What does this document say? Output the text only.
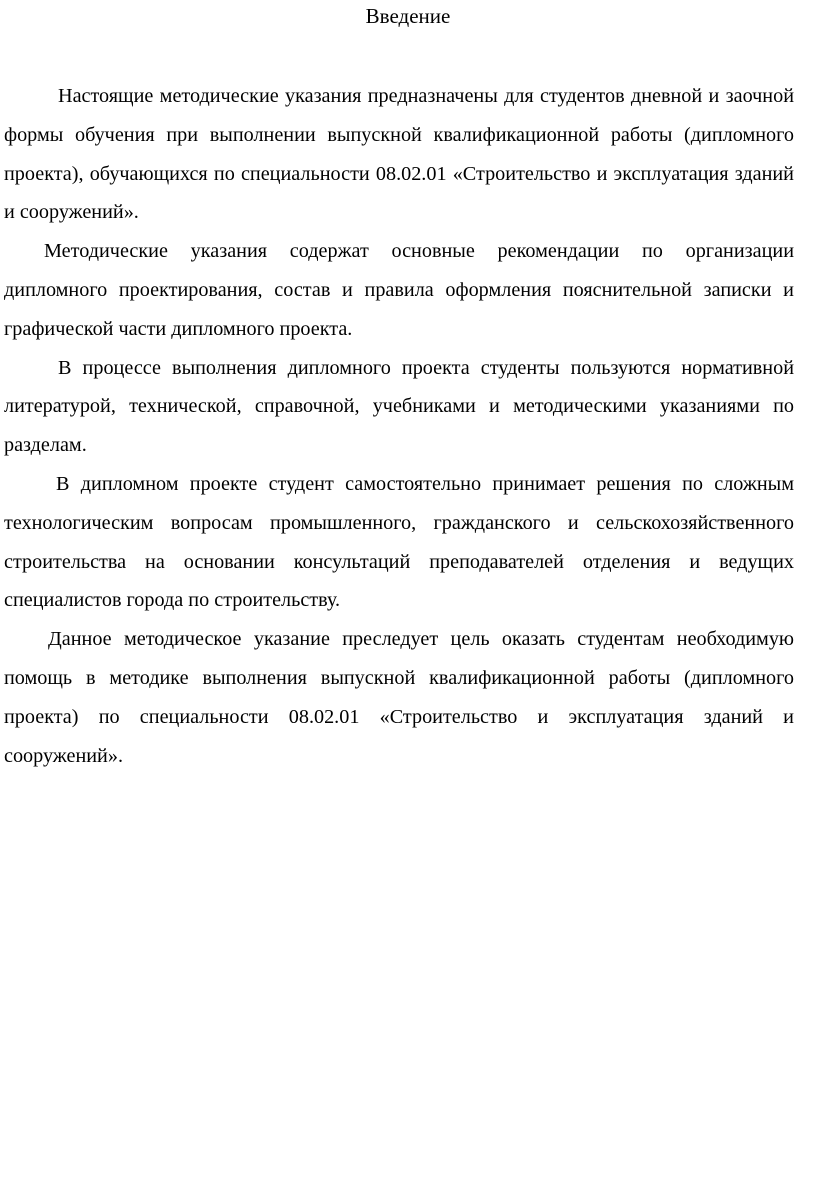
Введение

Настоящие методические указания предназначены для студентов дневной и заочной формы обучения при выполнении выпускной квалификационной работы (дипломного проекта), обучающихся по специальности 08.02.01 «Строительство и эксплуатация зданий и сооружений».

Методические указания содержат основные рекомендации по организации дипломного проектирования, состав и правила оформления пояснительной записки и графической части дипломного проекта.

В процессе выполнения дипломного проекта студенты пользуются нормативной литературой, технической, справочной, учебниками и методическими указаниями по разделам.

В дипломном проекте студент самостоятельно принимает решения по сложным технологическим вопросам промышленного, гражданского и сельскохозяйственного строительства на основании консультаций преподавателей отделения и ведущих специалистов города по строительству.

Данное методическое указание преследует цель оказать студентам необходимую помощь в методике выполнения выпускной квалификационной работы (дипломного проекта) по специальности 08.02.01 «Строительство и эксплуатация зданий и сооружений».
